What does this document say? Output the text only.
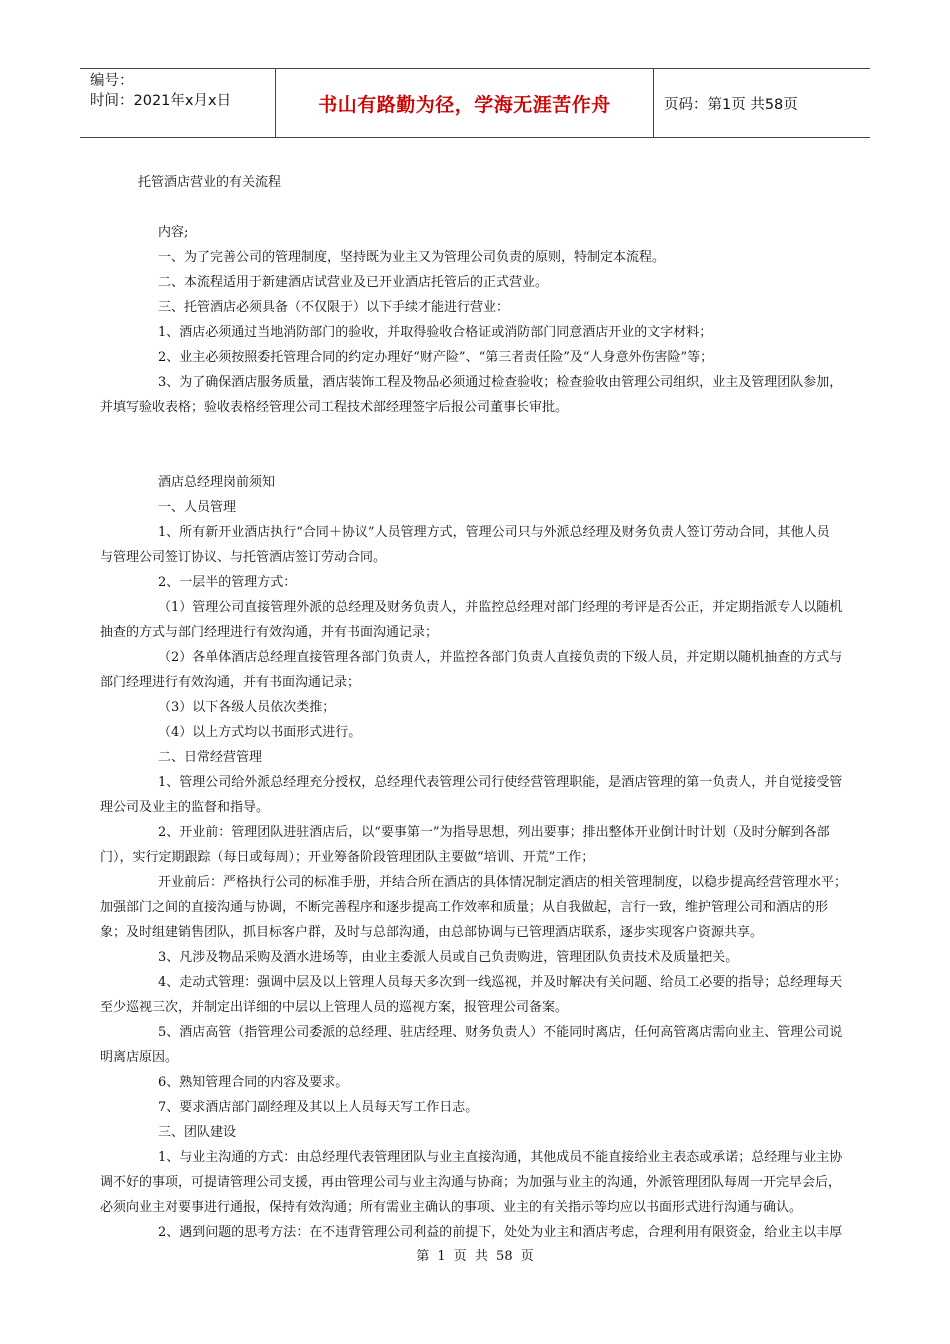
编号：
时间：2021年x月x日	书山有路勤为径，学海无涯苦作舟	页码：第1页 共58页

托管酒店营业的有关流程

内容;

一、为了完善公司的管理制度，坚持既为业主又为管理公司负责的原则，特制定本流程。

二、本流程适用于新建酒店试营业及已开业酒店托管后的正式营业。

三、托管酒店必须具备（不仅限于）以下手续才能进行营业：

1、酒店必须通过当地消防部门的验收，并取得验收合格证或消防部门同意酒店开业的文字材料；

2、业主必须按照委托管理合同的约定办理好“财产险”、“第三者责任险”及“人身意外伤害险”等；

3、为了确保酒店服务质量，酒店装饰工程及物品必须通过检查验收；检查验收由管理公司组织，业主及管理团队参加，

并填写验收表格；验收表格经管理公司工程技术部经理签字后报公司董事长审批。

酒店总经理岗前须知

一、人员管理

1、所有新开业酒店执行“合同＋协议”人员管理方式，管理公司只与外派总经理及财务负责人签订劳动合同，其他人员

与管理公司签订协议、与托管酒店签订劳动合同。

2、一层半的管理方式：

（1）管理公司直接管理外派的总经理及财务负责人，并监控总经理对部门经理的考评是否公正，并定期指派专人以随机

抽查的方式与部门经理进行有效沟通，并有书面沟通记录；

（2）各单体酒店总经理直接管理各部门负责人，并监控各部门负责人直接负责的下级人员，并定期以随机抽查的方式与

部门经理进行有效沟通，并有书面沟通记录；

（3）以下各级人员依次类推；

（4）以上方式均以书面形式进行。

二、日常经营管理

1、管理公司给外派总经理充分授权，总经理代表管理公司行使经营管理职能，是酒店管理的第一负责人，并自觉接受管

理公司及业主的监督和指导。

2、开业前：管理团队进驻酒店后，以“要事第一”为指导思想，列出要事；排出整体开业倒计时计划（及时分解到各部

门），实行定期跟踪（每日或每周）；开业筹备阶段管理团队主要做“培训、开荒”工作；

开业前后：严格执行公司的标准手册，并结合所在酒店的具体情况制定酒店的相关管理制度，以稳步提高经营管理水平；

加强部门之间的直接沟通与协调，不断完善程序和逐步提高工作效率和质量；从自我做起，言行一致，维护管理公司和酒店的形

象；及时组建销售团队，抓目标客户群，及时与总部沟通，由总部协调与已管理酒店联系，逐步实现客户资源共享。

3、凡涉及物品采购及酒水进场等，由业主委派人员或自己负责购进，管理团队负责技术及质量把关。

4、走动式管理：强调中层及以上管理人员每天多次到一线巡视，并及时解决有关问题、给员工必要的指导；总经理每天

至少巡视三次，并制定出详细的中层以上管理人员的巡视方案，报管理公司备案。

5、酒店高管（指管理公司委派的总经理、驻店经理、财务负责人）不能同时离店，任何高管离店需向业主、管理公司说

明离店原因。

6、熟知管理合同的内容及要求。

7、要求酒店部门副经理及其以上人员每天写工作日志。

三、团队建设

1、与业主沟通的方式：由总经理代表管理团队与业主直接沟通，其他成员不能直接给业主表态或承诺；总经理与业主协

调不好的事项，可提请管理公司支援，再由管理公司与业主沟通与协商；为加强与业主的沟通，外派管理团队每周一开完早会后，

必须向业主对要事进行通报，保持有效沟通；所有需业主确认的事项、业主的有关指示等均应以书面形式进行沟通与确认。

2、遇到问题的思考方法：在不违背管理公司利益的前提下，处处为业主和酒店考虑，合理利用有限资金，给业主以丰厚

第 1 页 共 58 页
